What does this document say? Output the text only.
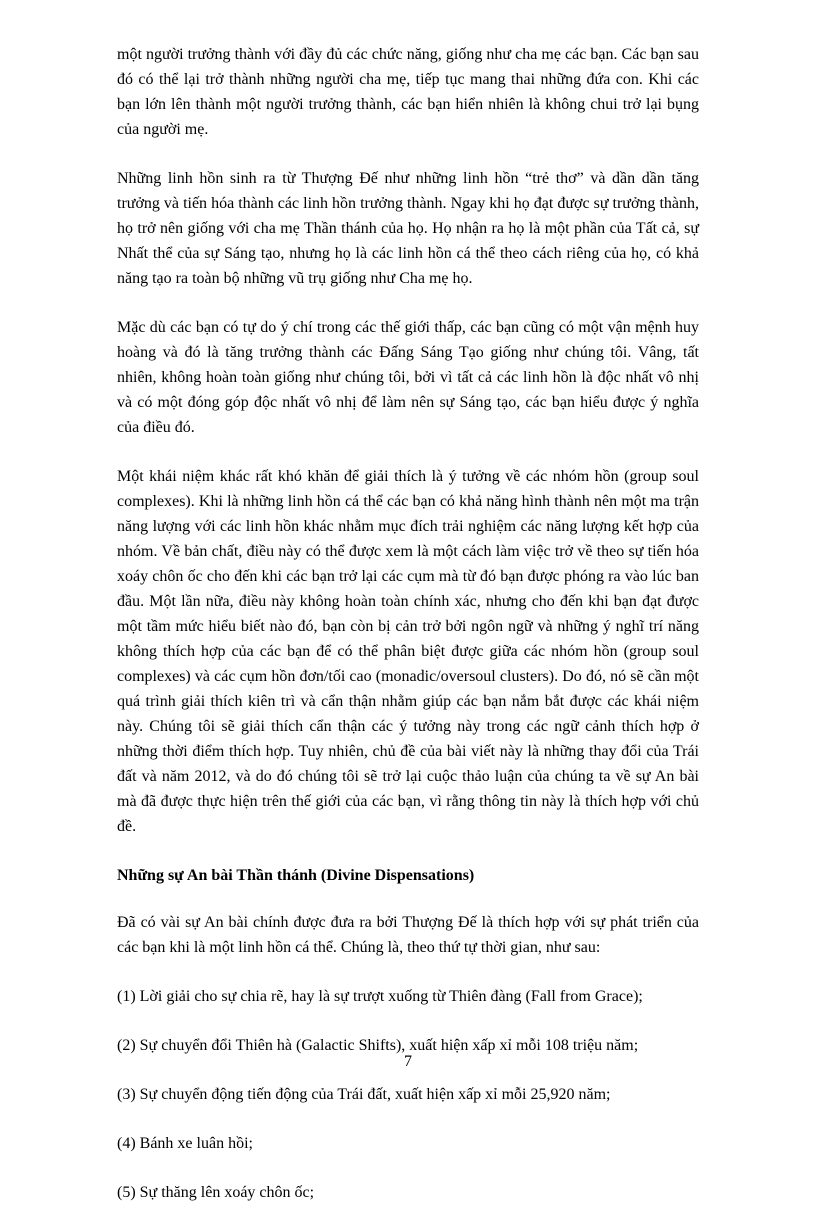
một người trưởng thành với đầy đủ các chức năng, giống như cha mẹ các bạn. Các bạn sau đó có thể lại trở thành những người cha mẹ, tiếp tục mang thai những đứa con. Khi các bạn lớn lên thành một người trưởng thành, các bạn hiển nhiên là không chui trở lại bụng của người mẹ.

Những linh hồn sinh ra từ Thượng Đế như những linh hồn “trẻ thơ” và dần dần tăng trưởng và tiến hóa thành các linh hồn trưởng thành. Ngay khi họ đạt được sự trưởng thành, họ trở nên giống với cha mẹ Thần thánh của họ. Họ nhận ra họ là một phần của Tất cả, sự Nhất thể của sự Sáng tạo, nhưng họ là các linh hồn cá thể theo cách riêng của họ, có khả năng tạo ra toàn bộ những vũ trụ giống như Cha mẹ họ.

Mặc dù các bạn có tự do ý chí trong các thế giới thấp, các bạn cũng có một vận mệnh huy hoàng và đó là tăng trưởng thành các Đấng Sáng Tạo giống như chúng tôi. Vâng, tất nhiên, không hoàn toàn giống như chúng tôi, bởi vì tất cả các linh hồn là độc nhất vô nhị và có một đóng góp độc nhất vô nhị để làm nên sự Sáng tạo, các bạn hiểu được ý nghĩa của điều đó.

Một khái niệm khác rất khó khăn để giải thích là ý tưởng về các nhóm hồn (group soul complexes). Khi là những linh hồn cá thể các bạn có khả năng hình thành nên một ma trận năng lượng với các linh hồn khác nhằm mục đích trải nghiệm các năng lượng kết hợp của nhóm. Về bản chất, điều này có thể được xem là một cách làm việc trở về theo sự tiến hóa xoáy chôn ốc cho đến khi các bạn trở lại các cụm mà từ đó bạn được phóng ra vào lúc ban đầu. Một lần nữa, điều này không hoàn toàn chính xác, nhưng cho đến khi bạn đạt được một tầm mức hiểu biết nào đó, bạn còn bị cản trở bởi ngôn ngữ và những ý nghĩ trí năng không thích hợp của các bạn để có thể phân biệt được giữa các nhóm hồn (group soul complexes) và các cụm hồn đơn/tối cao (monadic/oversoul clusters). Do đó, nó sẽ cần một quá trình giải thích kiên trì và cẩn thận nhằm giúp các bạn nắm bắt được các khái niệm này. Chúng tôi sẽ giải thích cẩn thận các ý tưởng này trong các ngữ cảnh thích hợp ở những thời điểm thích hợp. Tuy nhiên, chủ đề của bài viết này là những thay đổi của Trái đất và năm 2012, và do đó chúng tôi sẽ trở lại cuộc thảo luận của chúng ta về sự An bài mà đã được thực hiện trên thế giới của các bạn, vì rằng thông tin này là thích hợp với chủ đề.

Những sự An bài Thần thánh (Divine Dispensations)

Đã có vài sự An bài chính được đưa ra bởi Thượng Đế là thích hợp với sự phát triển của các bạn khi là một linh hồn cá thể. Chúng là, theo thứ tự thời gian, như sau:

(1) Lời giải cho sự chia rẽ, hay là sự trượt xuống từ Thiên đàng (Fall from Grace);

(2) Sự chuyển đổi Thiên hà (Galactic Shifts), xuất hiện xấp xỉ mỗi 108 triệu năm;

(3) Sự chuyển động tiến động của Trái đất, xuất hiện xấp xỉ mỗi 25,920 năm;

(4) Bánh xe luân hồi;

(5) Sự thăng lên xoáy chôn ốc;

7
